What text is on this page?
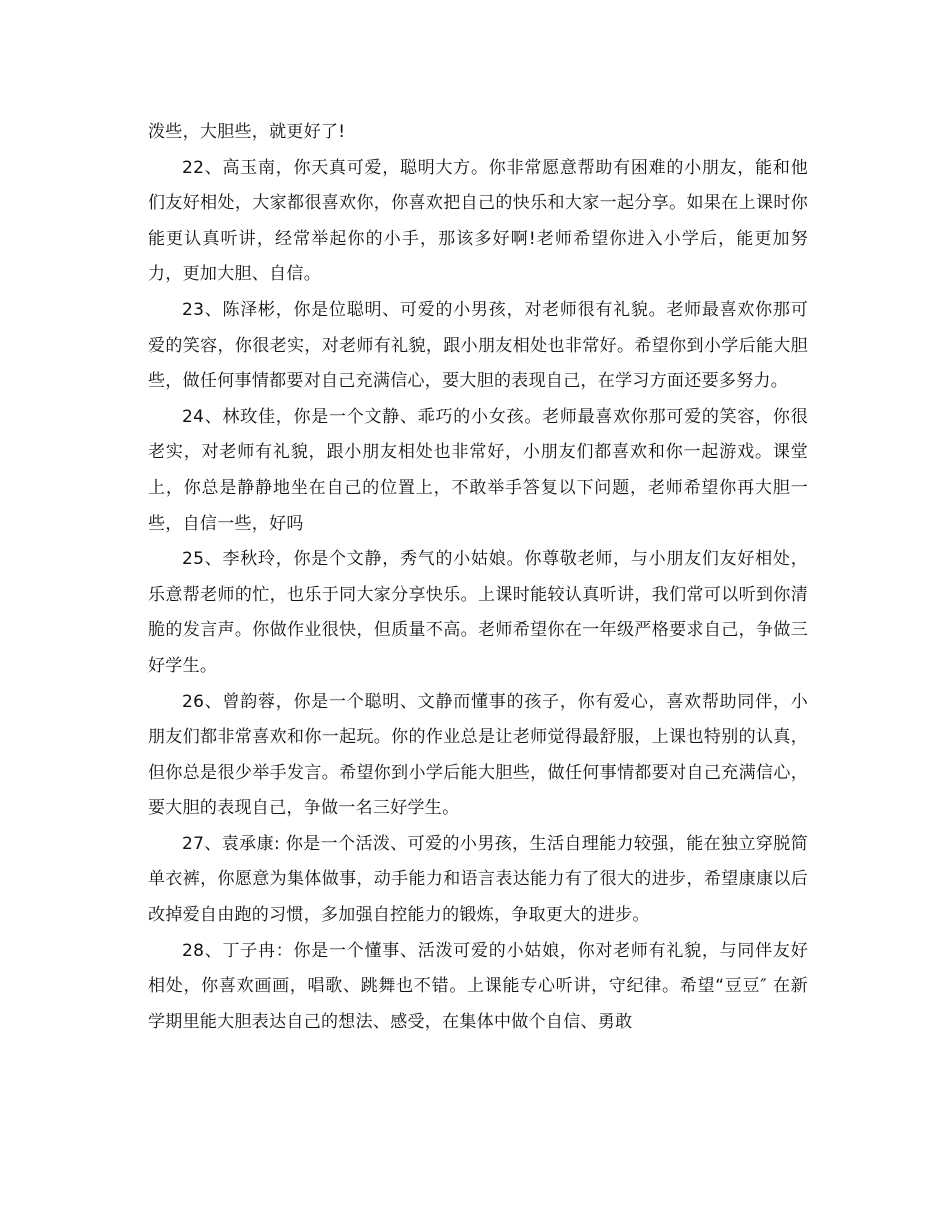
泼些，大胆些，就更好了!

22、高玉南，你天真可爱，聪明大方。你非常愿意帮助有困难的小朋友，能和他们友好相处，大家都很喜欢你，你喜欢把自己的快乐和大家一起分享。如果在上课时你能更认真听讲，经常举起你的小手，那该多好啊!老师希望你进入小学后，能更加努力，更加大胆、自信。

23、陈泽彬，你是位聪明、可爱的小男孩，对老师很有礼貌。老师最喜欢你那可爱的笑容，你很老实，对老师有礼貌，跟小朋友相处也非常好。希望你到小学后能大胆些，做任何事情都要对自己充满信心，要大胆的表现自己，在学习方面还要多努力。

24、林玫佳，你是一个文静、乖巧的小女孩。老师最喜欢你那可爱的笑容，你很老实，对老师有礼貌，跟小朋友相处也非常好，小朋友们都喜欢和你一起游戏。课堂上，你总是静静地坐在自己的位置上，不敢举手答复以下问题，老师希望你再大胆一些，自信一些，好吗

25、李秋玲，你是个文静，秀气的小姑娘。你尊敬老师，与小朋友们友好相处，乐意帮老师的忙，也乐于同大家分享快乐。上课时能较认真听讲，我们常可以听到你清脆的发言声。你做作业很快，但质量不高。老师希望你在一年级严格要求自己，争做三好学生。

26、曾韵蓉，你是一个聪明、文静而懂事的孩子，你有爱心，喜欢帮助同伴，小朋友们都非常喜欢和你一起玩。你的作业总是让老师觉得最舒服，上课也特别的认真，但你总是很少举手发言。希望你到小学后能大胆些，做任何事情都要对自己充满信心，要大胆的表现自己，争做一名三好学生。

27、袁承康: 你是一个活泼、可爱的小男孩，生活自理能力较强，能在独立穿脱简单衣裤，你愿意为集体做事，动手能力和语言表达能力有了很大的进步，希望康康以后改掉爱自由跑的习惯，多加强自控能力的锻炼，争取更大的进步。

28、丁子冉：你是一个懂事、活泼可爱的小姑娘，你对老师有礼貌，与同伴友好相处，你喜欢画画，唱歌、跳舞也不错。上课能专心听讲，守纪律。希望“豆豆″ 在新学期里能大胆表达自己的想法、感受，在集体中做个自信、勇敢
